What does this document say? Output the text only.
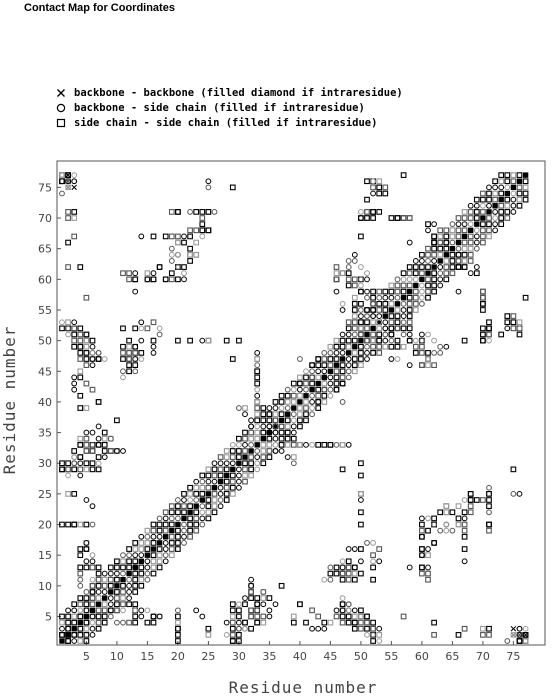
Contact Map for Coordinates
backbone - backbone (filled diamond if intraresidue)
backbone - side chain (filled if intraresidue)
side chain - side chain (filled if intraresidue)
5 10 15 20 25 30 35 40 45 50 55 60 65 70 75
5
10
15
20
25
30
35
40
45
50
55
60
65
70
75
Residue number
Residue number
